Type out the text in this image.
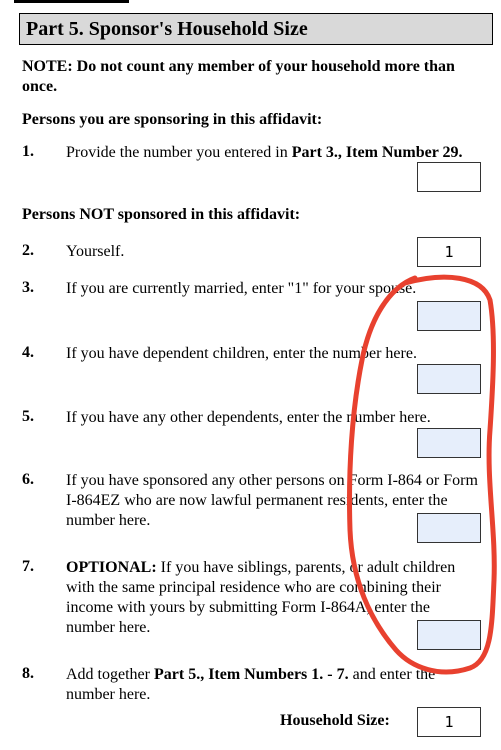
Part 5. Sponsor's Household Size
NOTE: Do not count any member of your household more than once.
Persons you are sponsoring in this affidavit:
1. Provide the number you entered in Part 3., Item Number 29.
Persons NOT sponsored in this affidavit:
2. Yourself.
1
3. If you are currently married, enter "1" for your spouse.
4. If you have dependent children, enter the number here.
5. If you have any other dependents, enter the number here.
6. If you have sponsored any other persons on Form I-864 or Form I-864EZ who are now lawful permanent residents, enter the number here.
7. OPTIONAL: If you have siblings, parents, or adult children with the same principal residence who are combining their income with yours by submitting Form I-864A, enter the number here.
8. Add together Part 5., Item Numbers 1. - 7. and enter the number here.
Household Size:
1
